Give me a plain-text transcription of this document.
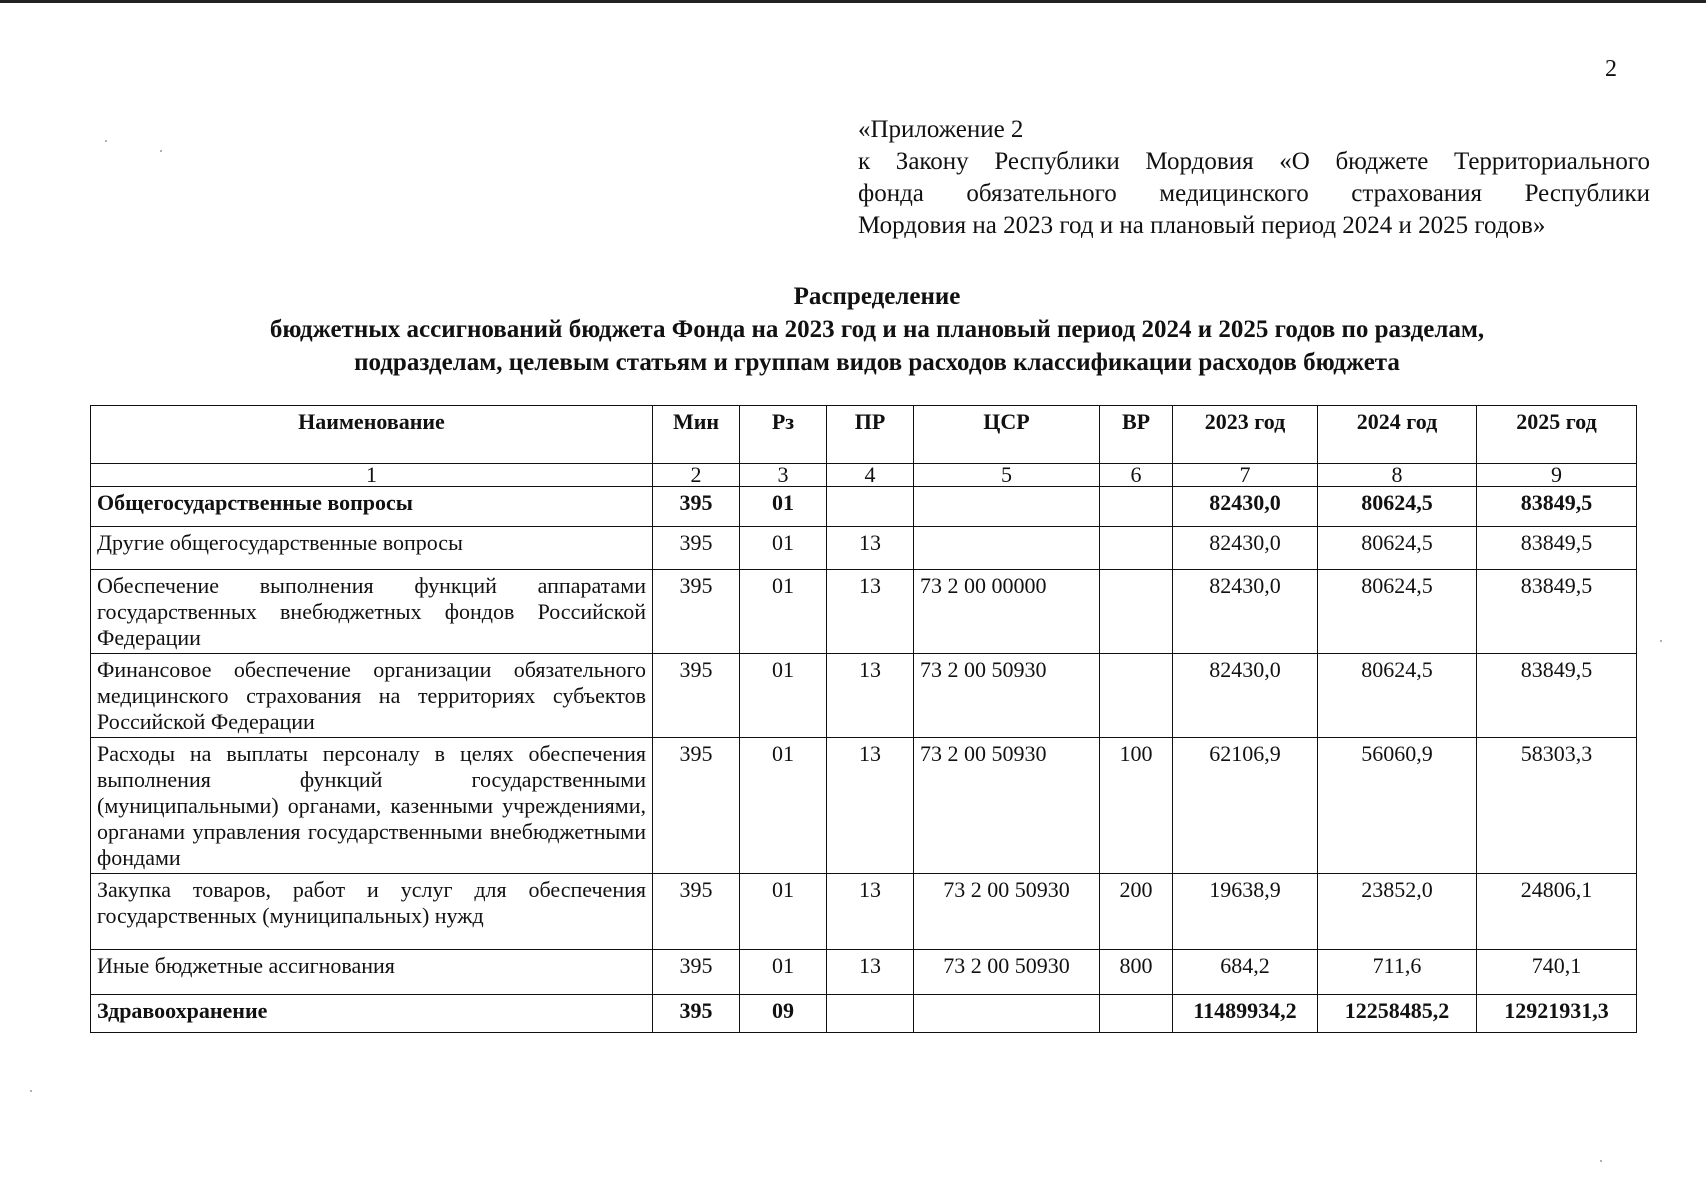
2
«Приложение 2
к Закону Республики Мордовия «О бюджете Территориального
фонда обязательного медицинского страхования Республики
Мордовия на 2023 год и на плановый период 2024 и 2025 годов»
Распределение
бюджетных ассигнований бюджета Фонда на 2023 год и на плановый период 2024 и 2025 годов по разделам,
подразделам, целевым статьям и группам видов расходов классификации расходов бюджета
Наименование	Мин	Рз	ПР	ЦСР	ВР	2023 год	2024 год	2025 год
1	2	3	4	5	6	7	8	9
Общегосударственные вопросы	395	01				82430,0	80624,5	83849,5
Другие общегосударственные вопросы	395	01	13			82430,0	80624,5	83849,5
Обеспечение выполнения функций аппаратами государственных внебюджетных фондов Российской Федерации	395	01	13	73 2 00 00000		82430,0	80624,5	83849,5
Финансовое обеспечение организации обязательного медицинского страхования на территориях субъектов Российской Федерации	395	01	13	73 2 00 50930		82430,0	80624,5	83849,5
Расходы на выплаты персоналу в целях обеспечения выполнения функций государственными (муниципальными) органами, казенными учреждениями, органами управления государственными внебюджетными фондами	395	01	13	73 2 00 50930	100	62106,9	56060,9	58303,3
Закупка товаров, работ и услуг для обеспечения государственных (муниципальных) нужд	395	01	13	73 2 00 50930	200	19638,9	23852,0	24806,1
Иные бюджетные ассигнования	395	01	13	73 2 00 50930	800	684,2	711,6	740,1
Здравоохранение	395	09				11489934,2	12258485,2	12921931,3
